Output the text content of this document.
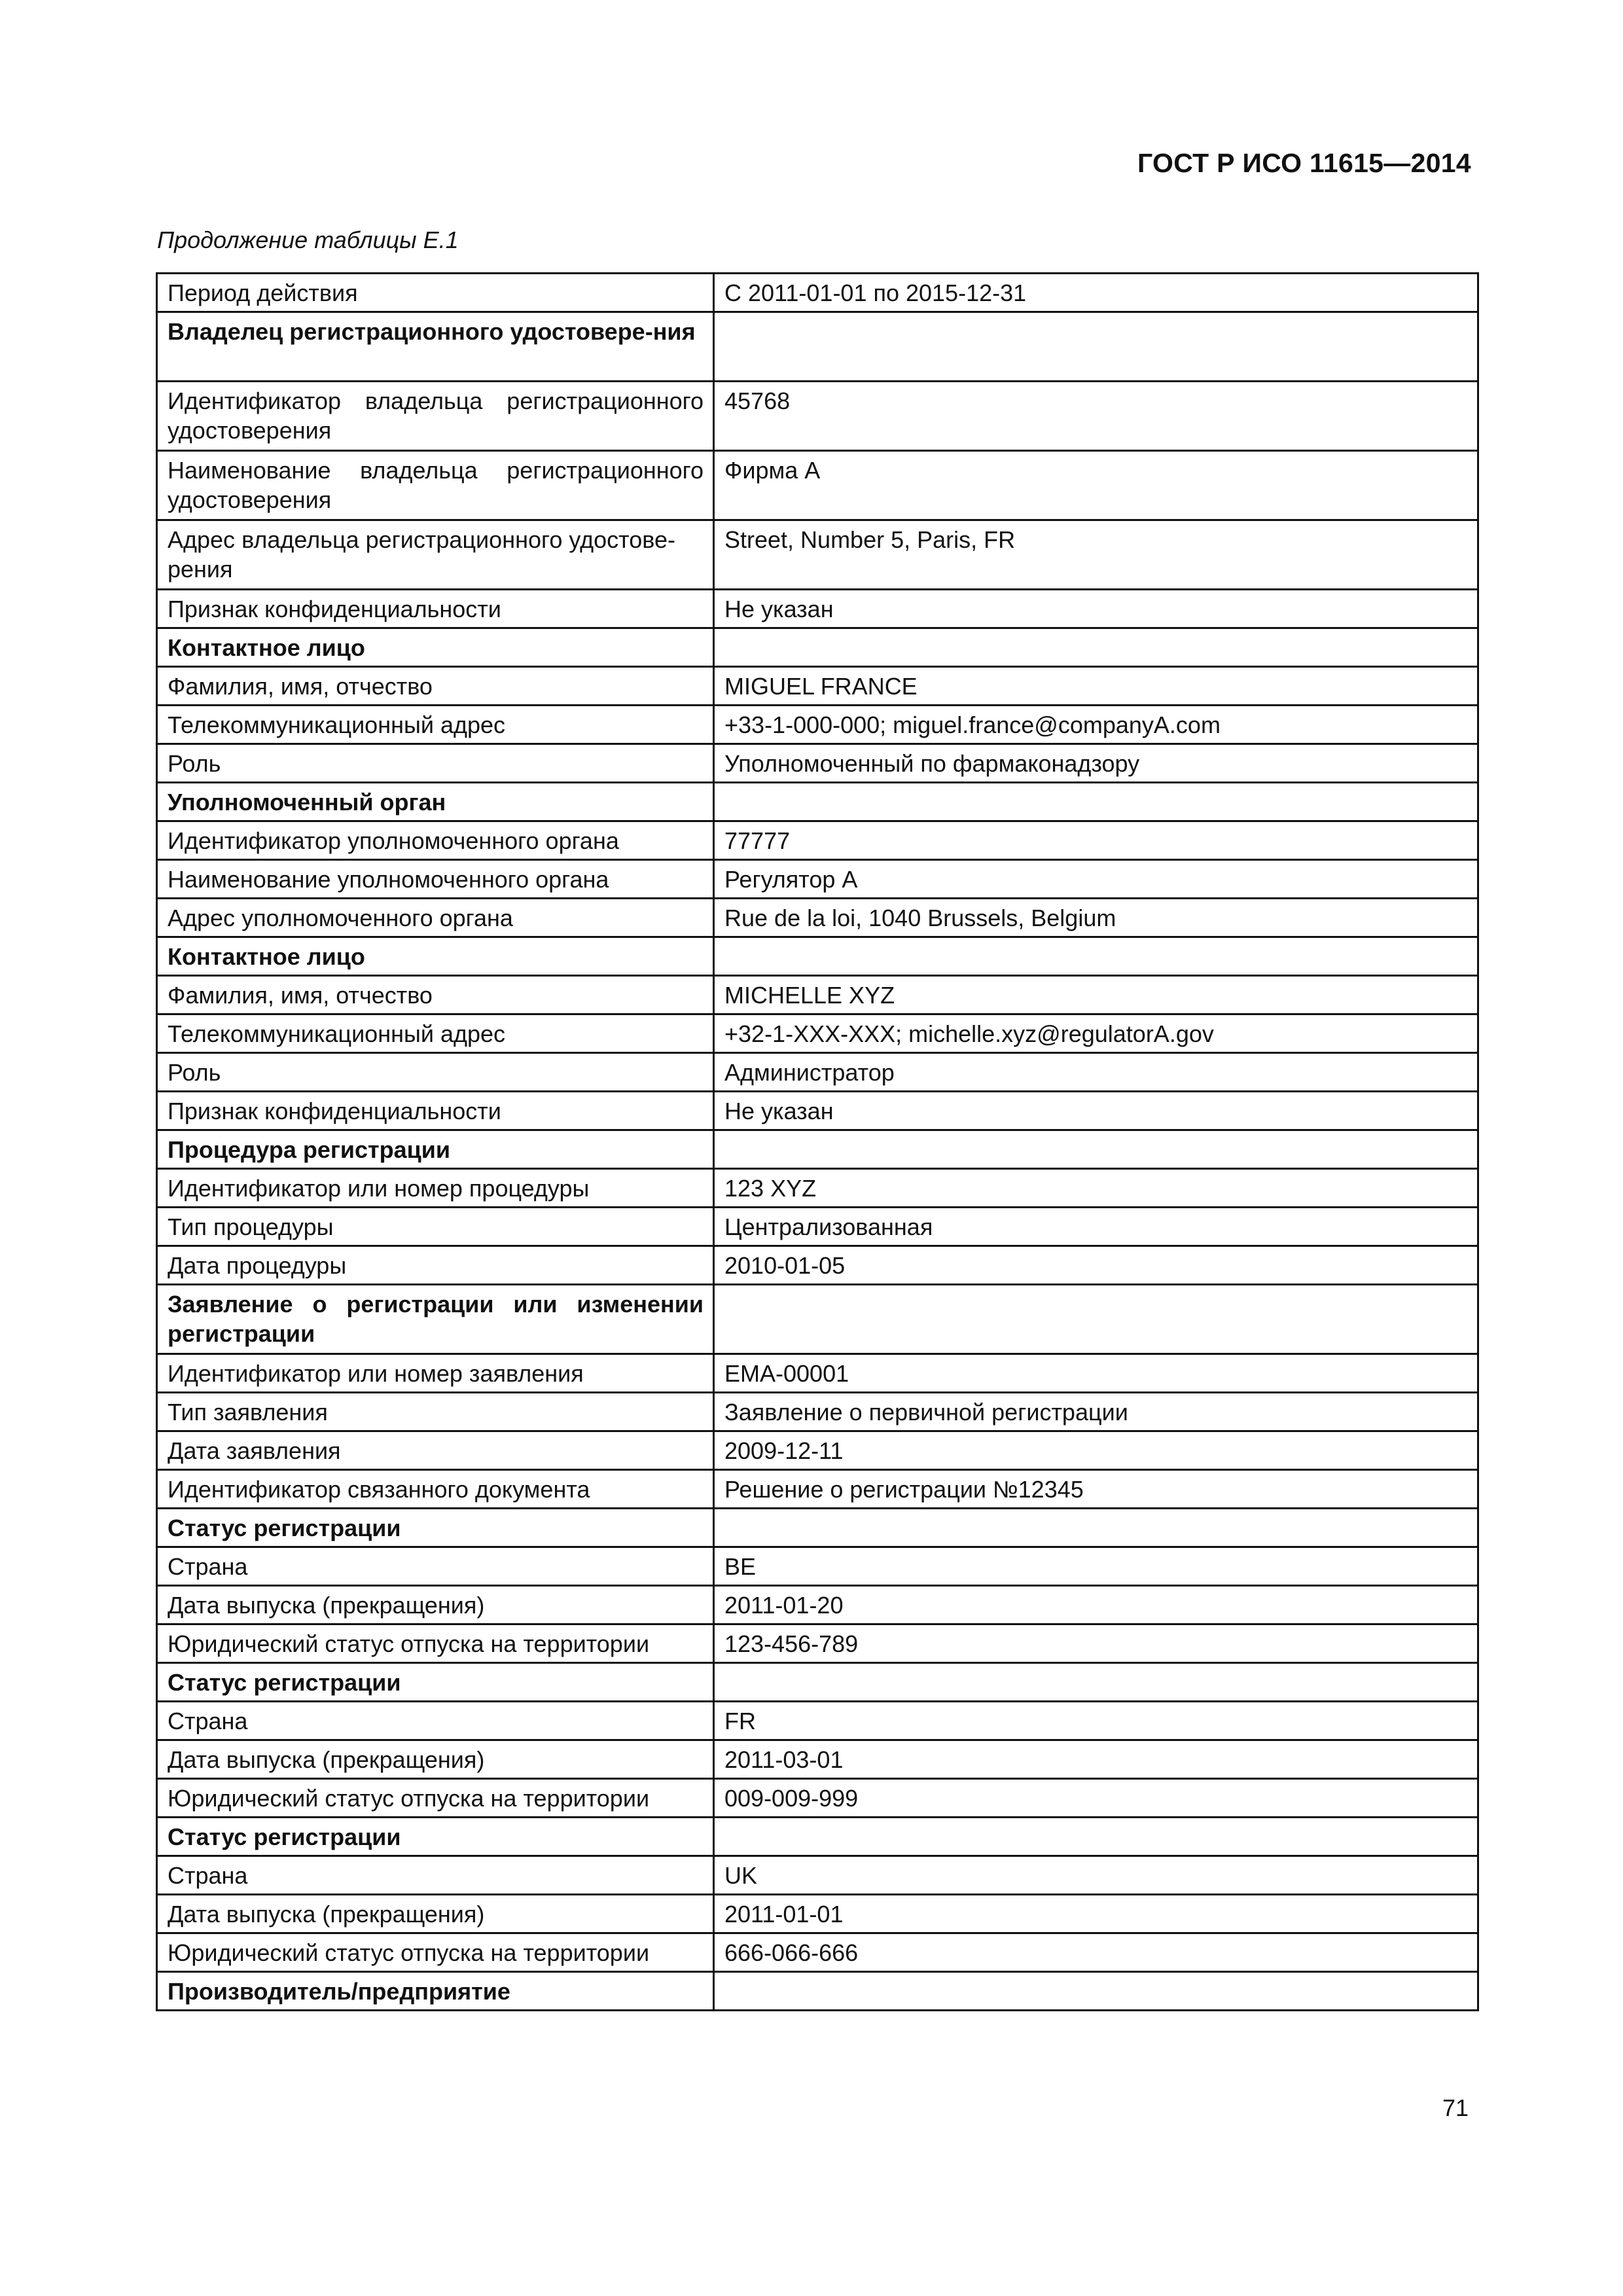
ГОСТ Р ИСО 11615—2014
Продолжение таблицы Е.1
Период действия	С 2011-01-01 по 2015-12-31
Владелец регистрационного удостовере-ния	
Идентификатор владельца регистрационного удостоверения	45768
Наименование владельца регистрационного удостоверения	Фирма А
Адрес владельца регистрационного удостове-рения	Street, Number 5, Paris, FR
Признак конфиденциальности	Не указан
Контактное лицо	
Фамилия, имя, отчество	MIGUEL FRANCE
Телекоммуникационный адрес	+33-1-000-000; miguel.france@companyA.com
Роль	Уполномоченный по фармаконадзору
Уполномоченный орган	
Идентификатор уполномоченного органа	77777
Наименование уполномоченного органа	Регулятор А
Адрес уполномоченного органа	Rue de la loi, 1040 Brussels, Belgium
Контактное лицо	
Фамилия, имя, отчество	MICHELLE XYZ
Телекоммуникационный адрес	+32-1-XXX-XXX; michelle.xyz@regulatorA.gov
Роль	Администратор
Признак конфиденциальности	Не указан
Процедура регистрации	
Идентификатор или номер процедуры	123 XYZ
Тип процедуры	Централизованная
Дата процедуры	2010-01-05
Заявление о регистрации или изменении регистрации	
Идентификатор или номер заявления	EMA-00001
Тип заявления	Заявление о первичной регистрации
Дата заявления	2009-12-11
Идентификатор связанного документа	Решение о регистрации №12345
Статус регистрации	
Страна	BE
Дата выпуска (прекращения)	2011-01-20
Юридический статус отпуска на территории	123-456-789
Статус регистрации	
Страна	FR
Дата выпуска (прекращения)	2011-03-01
Юридический статус отпуска на территории	009-009-999
Статус регистрации	
Страна	UK
Дата выпуска (прекращения)	2011-01-01
Юридический статус отпуска на территории	666-066-666
Производитель/предприятие	
71
